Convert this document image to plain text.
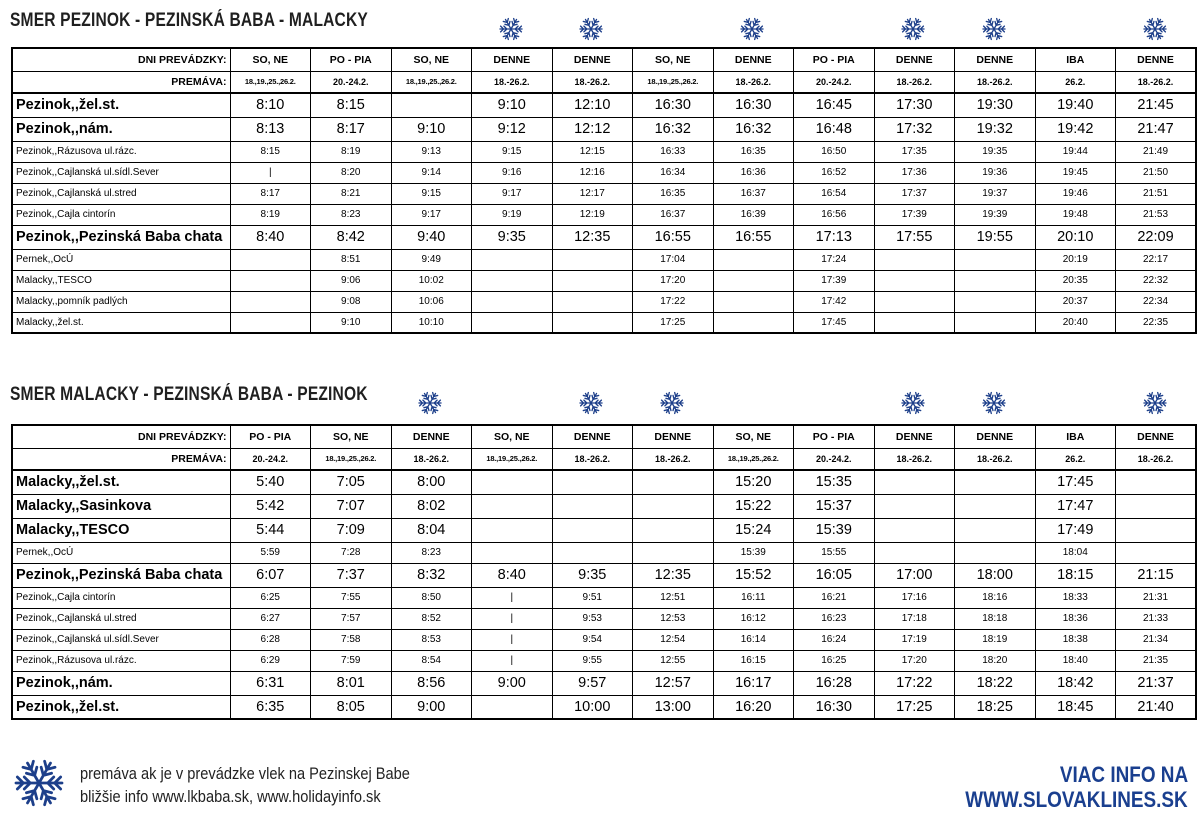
SMER PEZINOK - PEZINSKÁ BABA - MALACKY
DNI PREVÁDZKY:	SO, NE	PO - PIA	SO, NE	DENNE	DENNE	SO, NE	DENNE	PO - PIA	DENNE	DENNE	IBA	DENNE
PREMÁVA:	18.,19.,25.,26.2.	20.-24.2.	18.,19.,25.,26.2.	18.-26.2.	18.-26.2.	18.,19.,25.,26.2.	18.-26.2.	20.-24.2.	18.-26.2.	18.-26.2.	26.2.	18.-26.2.
Pezinok,,žel.st.	8:10	8:15		9:10	12:10	16:30	16:30	16:45	17:30	19:30	19:40	21:45
Pezinok,,nám.	8:13	8:17	9:10	9:12	12:12	16:32	16:32	16:48	17:32	19:32	19:42	21:47
Pezinok,,Rázusova ul.rázc.	8:15	8:19	9:13	9:15	12:15	16:33	16:35	16:50	17:35	19:35	19:44	21:49
Pezinok,,Cajlanská ul.sídl.Sever	|	8:20	9:14	9:16	12:16	16:34	16:36	16:52	17:36	19:36	19:45	21:50
Pezinok,,Cajlanská ul.stred	8:17	8:21	9:15	9:17	12:17	16:35	16:37	16:54	17:37	19:37	19:46	21:51
Pezinok,,Cajla cintorín	8:19	8:23	9:17	9:19	12:19	16:37	16:39	16:56	17:39	19:39	19:48	21:53
Pezinok,,Pezinská Baba chata	8:40	8:42	9:40	9:35	12:35	16:55	16:55	17:13	17:55	19:55	20:10	22:09
Pernek,,OcÚ		8:51	9:49			17:04		17:24			20:19	22:17
Malacky,,TESCO		9:06	10:02			17:20		17:39			20:35	22:32
Malacky,,pomník padlých		9:08	10:06			17:22		17:42			20:37	22:34
Malacky,,žel.st.		9:10	10:10			17:25		17:45			20:40	22:35
SMER MALACKY - PEZINSKÁ BABA - PEZINOK
DNI PREVÁDZKY:	PO - PIA	SO, NE	DENNE	SO, NE	DENNE	DENNE	SO, NE	PO - PIA	DENNE	DENNE	IBA	DENNE
PREMÁVA:	20.-24.2.	18.,19.,25.,26.2.	18.-26.2.	18.,19.,25.,26.2.	18.-26.2.	18.-26.2.	18.,19.,25.,26.2.	20.-24.2.	18.-26.2.	18.-26.2.	26.2.	18.-26.2.
Malacky,,žel.st.	5:40	7:05	8:00				15:20	15:35			17:45	
Malacky,,Sasinkova	5:42	7:07	8:02				15:22	15:37			17:47	
Malacky,,TESCO	5:44	7:09	8:04				15:24	15:39			17:49	
Pernek,,OcÚ	5:59	7:28	8:23				15:39	15:55			18:04	
Pezinok,,Pezinská Baba chata	6:07	7:37	8:32	8:40	9:35	12:35	15:52	16:05	17:00	18:00	18:15	21:15
Pezinok,,Cajla cintorín	6:25	7:55	8:50	|	9:51	12:51	16:11	16:21	17:16	18:16	18:33	21:31
Pezinok,,Cajlanská ul.stred	6:27	7:57	8:52	|	9:53	12:53	16:12	16:23	17:18	18:18	18:36	21:33
Pezinok,,Cajlanská ul.sídl.Sever	6:28	7:58	8:53	|	9:54	12:54	16:14	16:24	17:19	18:19	18:38	21:34
Pezinok,,Rázusova ul.rázc.	6:29	7:59	8:54	|	9:55	12:55	16:15	16:25	17:20	18:20	18:40	21:35
Pezinok,,nám.	6:31	8:01	8:56	9:00	9:57	12:57	16:17	16:28	17:22	18:22	18:42	21:37
Pezinok,,žel.st.	6:35	8:05	9:00		10:00	13:00	16:20	16:30	17:25	18:25	18:45	21:40
premáva ak je v prevádzke vlek na Pezinskej Babe
bližšie info www.lkbaba.sk, www.holidayinfo.sk
VIAC INFO NA
WWW.SLOVAKLINES.SK
